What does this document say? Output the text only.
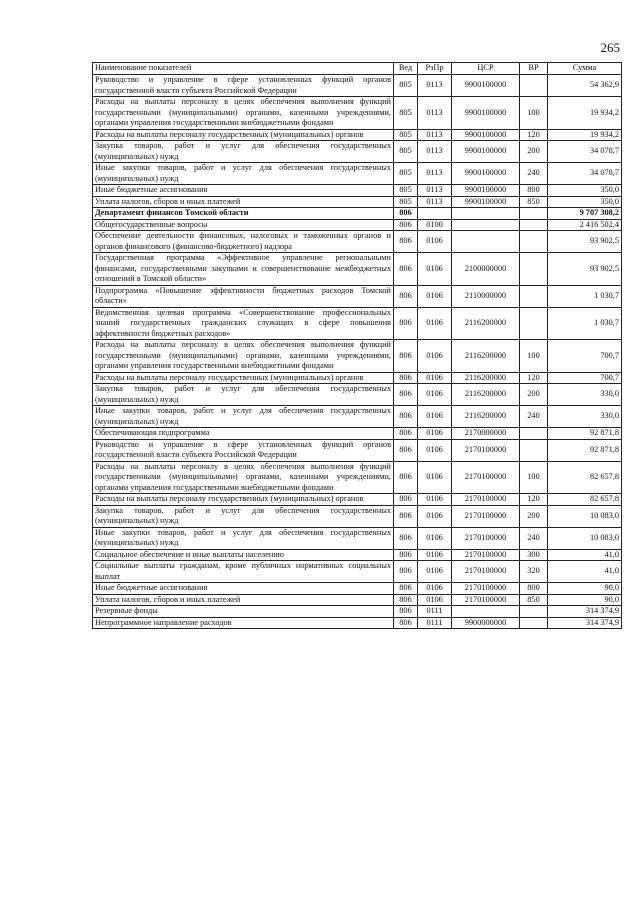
265
Наименование показателей	Вед	РзПр	ЦСР	ВР	Сумма
Руководство и управление в сфере установленных функций органов государственной власти субъекта Российской Федерации	805	0113	9900100000		54 362,9
Расходы на выплаты персоналу в целях обеспечения выполнения функций государственными (муниципальными) органами, казенными учреждениями, органами управления государственными внебюджетными фондами	805	0113	9900100000	100	19 934,2
Расходы на выплаты персоналу государственных (муниципальных) органов	805	0113	9900100000	120	19 934,2
Закупка товаров, работ и услуг для обеспечения государственных (муниципальных) нужд	805	0113	9900100000	200	34 078,7
Иные закупки товаров, работ и услуг для обеспечения государственных (муниципальных) нужд	805	0113	9900100000	240	34 078,7
Иные бюджетные ассигнования	805	0113	9900100000	800	350,0
Уплата налогов, сборов и иных платежей	805	0113	9900100000	850	350,0
Департамент финансов Томской области	806				9 707 308,2
Общегосударственные вопросы	806	0100			2 416 502,4
Обеспечение деятельности финансовых, налоговых и таможенных органов и органов финансового (финансово-бюджетного) надзора	806	0106			93 902,5
Государственная программа «Эффективное управление региональными финансами, государственными закупками и совершенствование межбюджетных отношений в Томской области»	806	0106	2100000000		93 902,5
Подпрограмма «Повышение эффективности бюджетных расходов Томской области»	806	0106	2110000000		1 030,7
Ведомственная целевая программа «Совершенствование профессиональных знаний государственных гражданских служащих в сфере повышения эффективности бюджетных расходов»	806	0106	2116200000		1 030,7
Расходы на выплаты персоналу в целях обеспечения выполнения функций государственными (муниципальными) органами, казенными учреждениями, органами управления государственными внебюджетными фондами	806	0106	2116200000	100	700,7
Расходы на выплаты персоналу государственных (муниципальных) органов	806	0106	2116200000	120	700,7
Закупка товаров, работ и услуг для обеспечения государственных (муниципальных) нужд	806	0106	2116200000	200	330,0
Иные закупки товаров, работ и услуг для обеспечения государственных (муниципальных) нужд	806	0106	2116200000	240	330,0
Обеспечивающая подпрограмма	806	0106	2170000000		92 871,8
Руководство и управление в сфере установленных функций органов государственной власти субъекта Российской Федерации	806	0106	2170100000		92 871,8
Расходы на выплаты персоналу в целях обеспечения выполнения функций государственными (муниципальными) органами, казенными учреждениями, органами управления государственными внебюджетными фондами	806	0106	2170100000	100	82 657,8
Расходы на выплаты персоналу государственных (муниципальных) органов	806	0106	2170100000	120	82 657,8
Закупка товаров, работ и услуг для обеспечения государственных (муниципальных) нужд	806	0106	2170100000	200	10 083,0
Иные закупки товаров, работ и услуг для обеспечения государственных (муниципальных) нужд	806	0106	2170100000	240	10 083,0
Социальное обеспечение и иные выплаты населению	806	0106	2170100000	300	41,0
Социальные выплаты гражданам, кроме публичных нормативных социальных выплат	806	0106	2170100000	320	41,0
Иные бюджетные ассигнования	806	0106	2170100000	800	90,0
Уплата налогов, сборов и иных платежей	806	0106	2170100000	850	90,0
Резервные фонды	806	0111			314 374,9
Непрограммное направление расходов	806	0111	9900000000		314 374,9
